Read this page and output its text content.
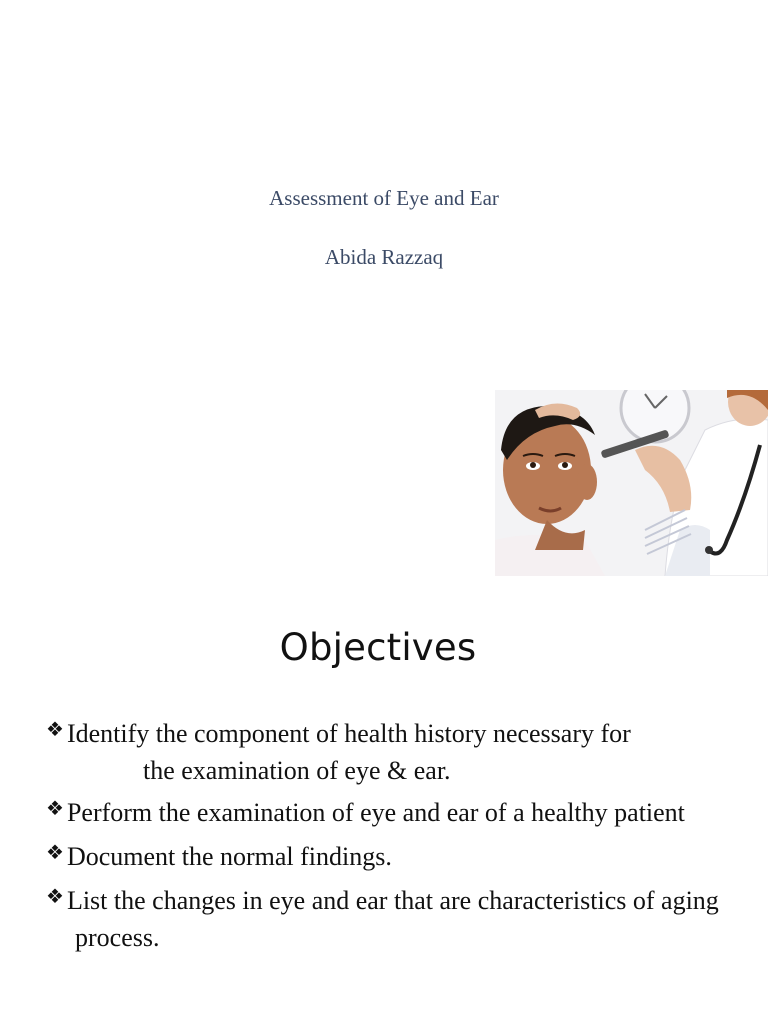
Assessment of Eye and Ear
Abida Razzaq
Objectives
❖ Identify the component of health history necessary for
the examination of eye & ear.
❖ Perform the examination of eye and ear of a healthy patient
❖ Document the normal findings.
❖ List the changes in eye and ear that are characteristics of aging process.
